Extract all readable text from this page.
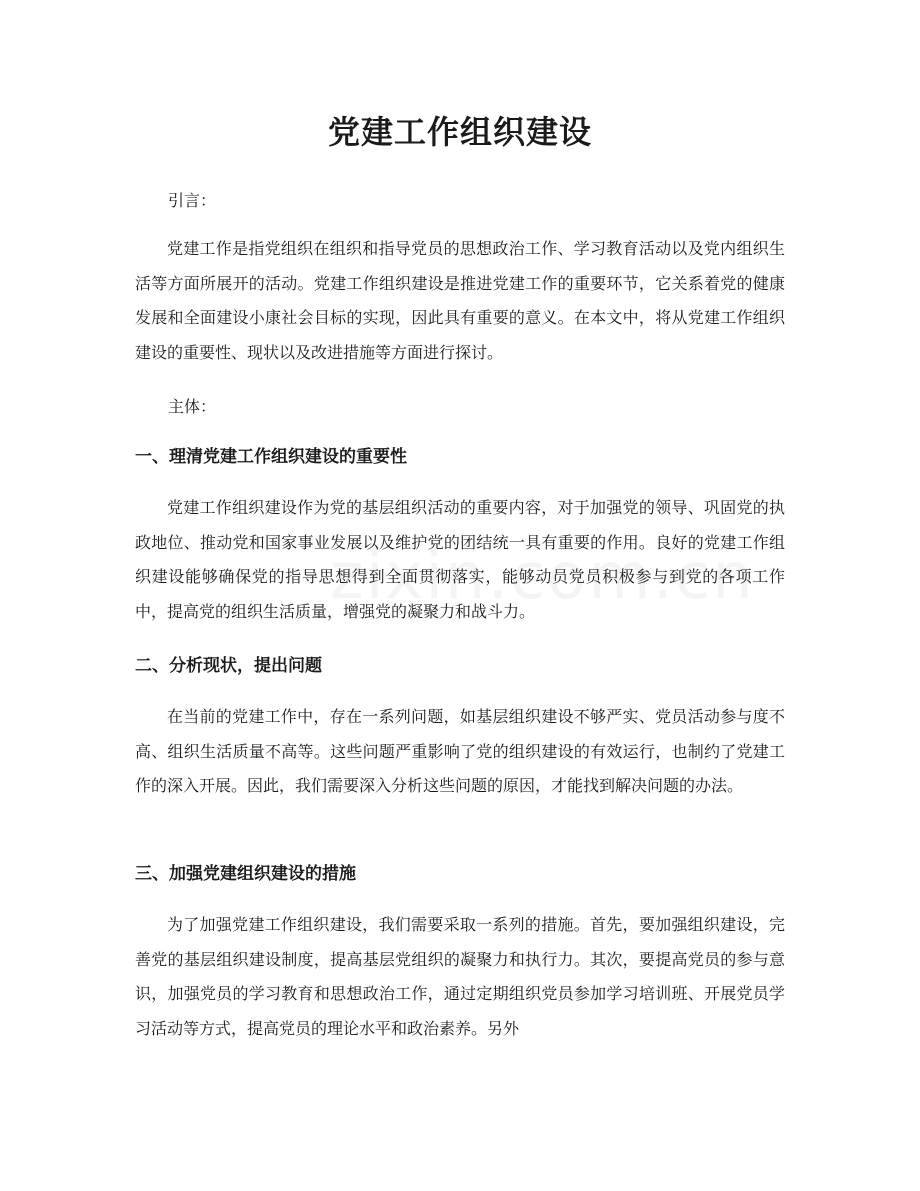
党建工作组织建设
引言：

党建工作是指党组织在组织和指导党员的思想政治工作、学习教育活动以及党内组织生活等方面所展开的活动。党建工作组织建设是推进党建工作的重要环节，它关系着党的健康发展和全面建设小康社会目标的实现，因此具有重要的意义。在本文中，将从党建工作组织建设的重要性、现状以及改进措施等方面进行探讨。

主体：
一、理清党建工作组织建设的重要性

党建工作组织建设作为党的基层组织活动的重要内容，对于加强党的领导、巩固党的执政地位、推动党和国家事业发展以及维护党的团结统一具有重要的作用。良好的党建工作组织建设能够确保党的指导思想得到全面贯彻落实，能够动员党员积极参与到党的各项工作中，提高党的组织生活质量，增强党的凝聚力和战斗力。

二、分析现状，提出问题

在当前的党建工作中，存在一系列问题，如基层组织建设不够严实、党员活动参与度不高、组织生活质量不高等。这些问题严重影响了党的组织建设的有效运行，也制约了党建工作的深入开展。因此，我们需要深入分析这些问题的原因，才能找到解决问题的办法。

三、加强党建组织建设的措施

为了加强党建工作组织建设，我们需要采取一系列的措施。首先，要加强组织建设，完善党的基层组织建设制度，提高基层党组织的凝聚力和执行力。其次，要提高党员的参与意识，加强党员的学习教育和思想政治工作，通过定期组织党员参加学习培训班、开展党员学习活动等方式，提高党员的理论水平和政治素养。另外
